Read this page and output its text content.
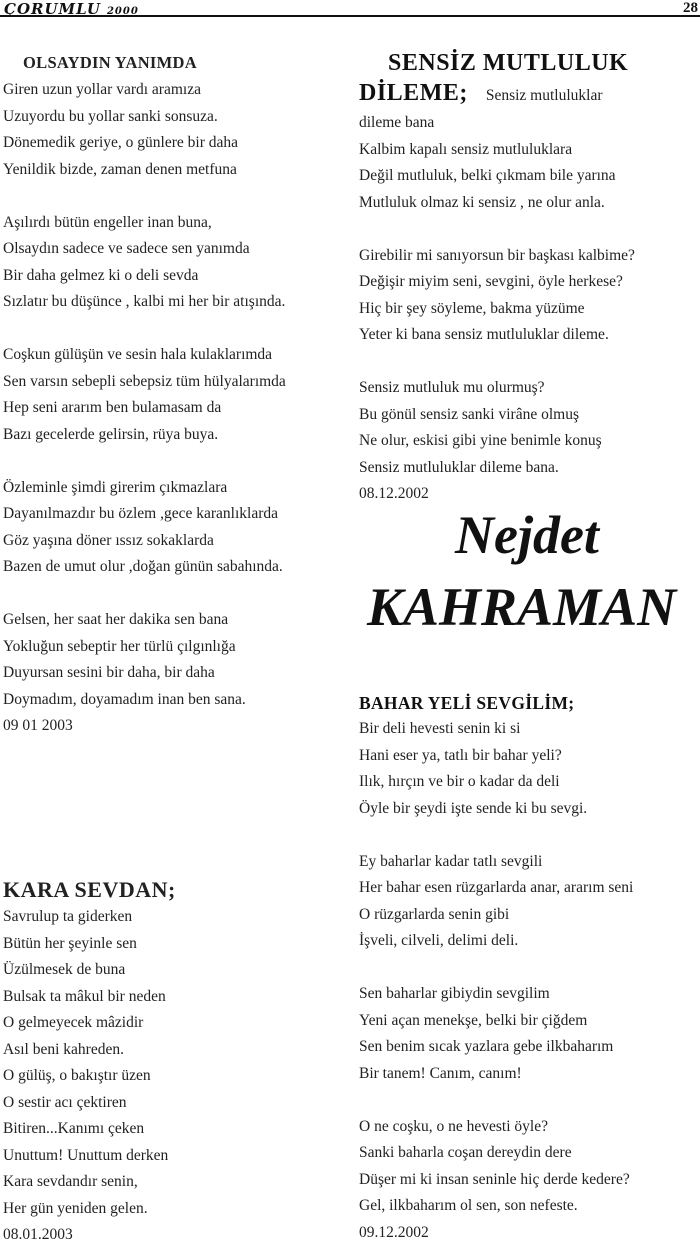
ÇORUMLU 2000	28
OLSAYDIN YANIMDA
Giren uzun yollar vardı aramıza
Uzuyordu bu yollar sanki sonsuza.
Dönemedik geriye, o günlere bir daha
Yenildik bizde, zaman denen metfuna
Aşılırdı bütün engeller inan buna,
Olsaydın sadece ve sadece sen yanımda
Bir daha gelmez ki o deli sevda
Sızlatır bu düşünce , kalbi mi her bir atışında.
Coşkun gülüşün ve sesin hala kulaklarımda
Sen varsın sebepli sebepsiz tüm hülyalarımda
Hep seni ararım ben bulamasam da
Bazı gecelerde gelirsin, rüya buya.
Özleminle şimdi girerim çıkmazlara
Dayanılmazdır bu özlem ,gece karanlıklarda
Göz yaşına döner ıssız sokaklarda
Bazen de umut olur ,doğan günün sabahında.
Gelsen, her saat her dakika sen bana
Yokluğun sebeptir her türlü çılgınlığa
Duyursan sesini bir daha, bir daha
Doymadım, doyamadım inan ben sana.
09 01 2003
KARA SEVDAN;
Savrulup ta giderken
Bütün her şeyinle sen
Üzülmesek de buna
Bulsak ta mâkul bir neden
O gelmeyecek mâzidir
Asıl beni kahreden.
O gülüş, o bakıştır üzen
O sestir acı çektiren
Bitiren...Kanımı çeken
Unuttum! Unuttum derken
Kara sevdandır senin,
Her gün yeniden gelen.
08.01.2003
SENSİZ MUTLULUK
DİLEME; Sensiz mutluluklar
dileme bana
Kalbim kapalı sensiz mutluluklara
Değil mutluluk, belki çıkmam bile yarına
Mutluluk olmaz ki sensiz , ne olur anla.
Girebilir mi sanıyorsun bir başkası kalbime?
Değişir miyim seni, sevgini, öyle herkese?
Hiç bir şey söyleme, bakma yüzüme
Yeter ki bana sensiz mutluluklar dileme.
Sensiz mutluluk mu olurmuş?
Bu gönül sensiz sanki virâne olmuş
Ne olur, eskisi gibi yine benimle konuş
Sensiz mutluluklar dileme bana.
08.12.2002
Nejdet
KAHRAMAN
BAHAR YELİ SEVGİLİM;
Bir deli hevesti senin ki si
Hani eser ya, tatlı bir bahar yeli?
Ilık, hırçın ve bir o kadar da deli
Öyle bir şeydi işte sende ki bu sevgi.
Ey baharlar kadar tatlı sevgili
Her bahar esen rüzgarlarda anar, ararım seni
O rüzgarlarda senin gibi
İşveli, cilveli, delimi deli.
Sen baharlar gibiydin sevgilim
Yeni açan menekşe, belki bir çiğdem
Sen benim sıcak yazlara gebe ilkbaharım
Bir tanem! Canım, canım!
O ne coşku, o ne hevesti öyle?
Sanki baharla coşan dereydin dere
Düşer mi ki insan seninle hiç derde kedere?
Gel, ilkbaharım ol sen, son nefeste.
09.12.2002
